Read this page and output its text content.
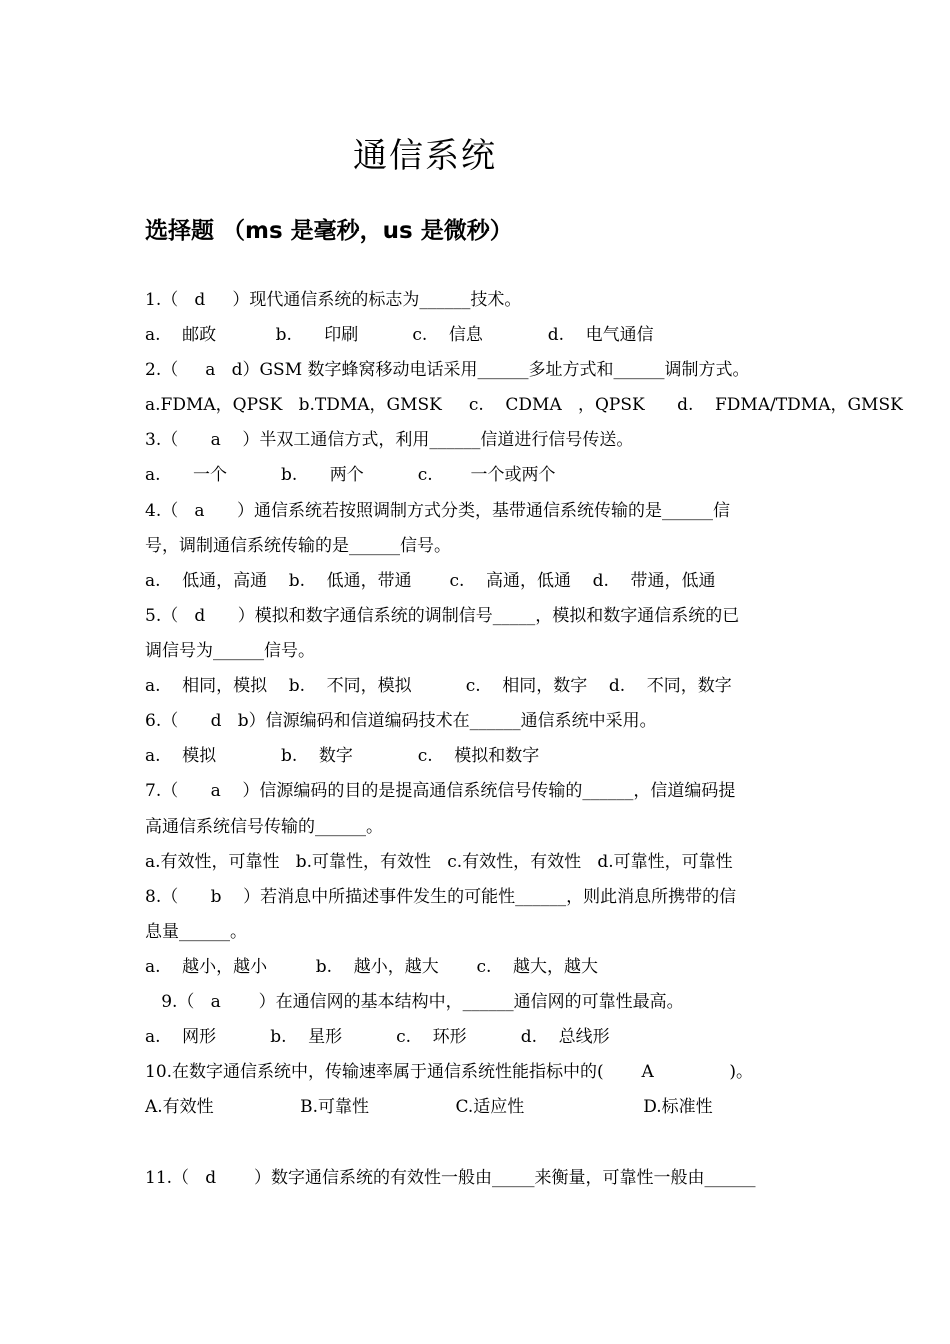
通信系统
选择题 （ms 是毫秒，us 是微秒）
1.（   d     ）现代通信系统的标志为______技术。
a.    邮政           b.      印刷          c.    信息            d.    电气通信
2.（     a   d）GSM 数字蜂窝移动电话采用______多址方式和______调制方式。
a.FDMA，QPSK   b.TDMA，GMSK     c.    CDMA   ，QPSK      d.    FDMA/TDMA，GMSK
3.（      a    ）半双工通信方式，利用______信道进行信号传送。
a.      一个          b.      两个          c.       一个或两个
4.（   a      ）通信系统若按照调制方式分类，基带通信系统传输的是______信
号，调制通信系统传输的是______信号。
a.    低通，高通    b.    低通，带通       c.    高通，低通    d.    带通，低通
5.（   d      ）模拟和数字通信系统的调制信号_____，模拟和数字通信系统的已
调信号为______信号。
a.    相同，模拟    b.    不同，模拟          c.    相同，数字    d.    不同，数字
6.（      d   b）信源编码和信道编码技术在______通信系统中采用。
a.    模拟            b.    数字            c.    模拟和数字
7.（      a    ）信源编码的目的是提高通信系统信号传输的______，信道编码提
高通信系统信号传输的______。
a.有效性，可靠性   b.可靠性，有效性   c.有效性，有效性   d.可靠性，可靠性
8.（      b    ）若消息中所描述事件发生的可能性______，则此消息所携带的信
息量______。
a.    越小，越小         b.    越小，越大       c.    越大，越大
9.（   a       ）在通信网的基本结构中，______通信网的可靠性最高。
a.    网形          b.    星形          c.    环形          d.    总线形
10.在数字通信系统中，传输速率属于通信系统性能指标中的(       A              )。
A.有效性                B.可靠性                C.适应性                      D.标准性
11.（   d       ）数字通信系统的有效性一般由_____来衡量，可靠性一般由______
